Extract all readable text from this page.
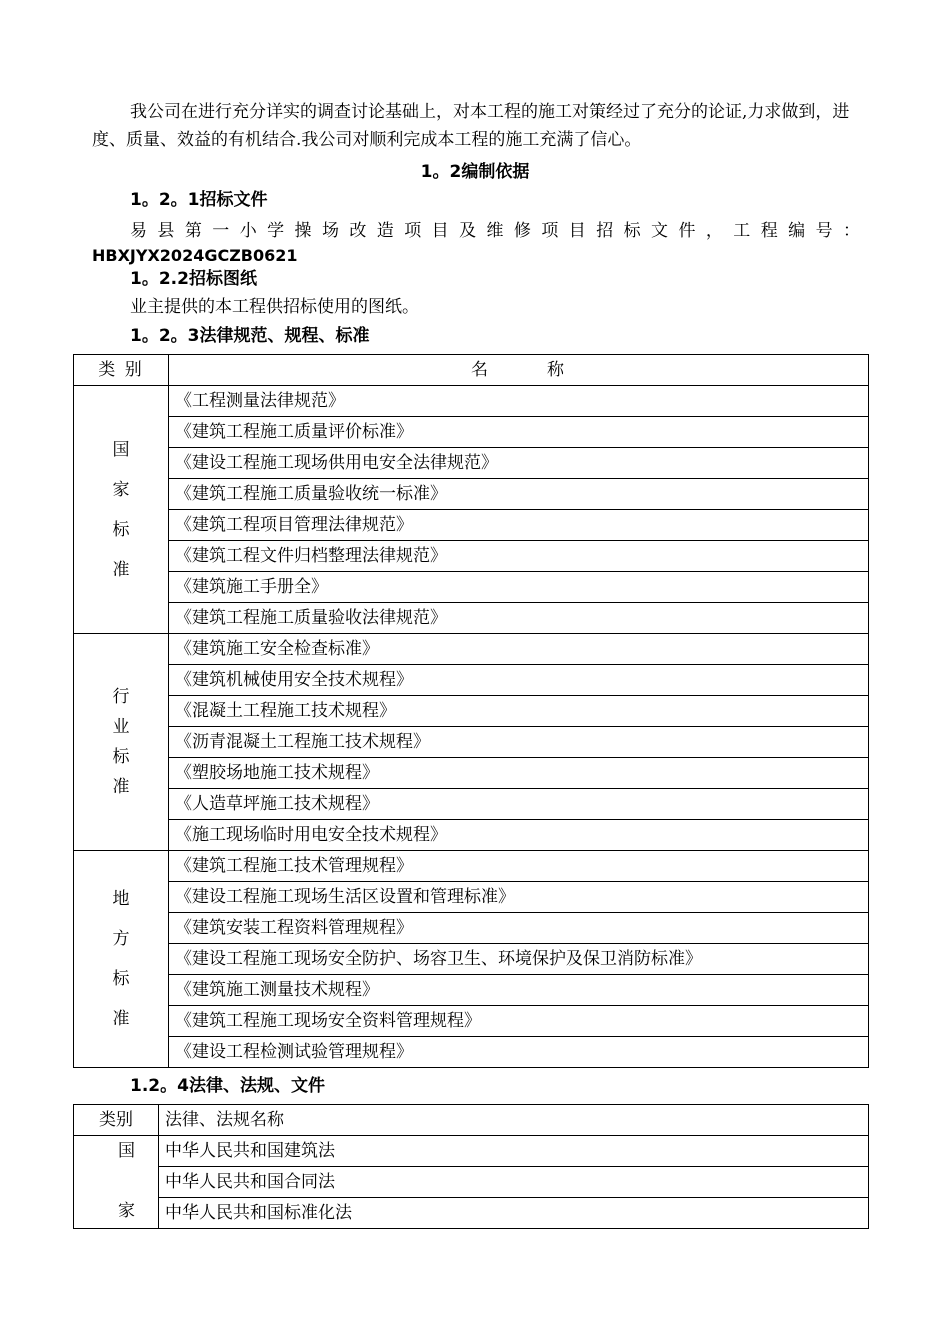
我公司在进行充分详实的调查讨论基础上，对本工程的施工对策经过了充分的论证,力求做到，进度、质量、效益的有机结合.我公司对顺利完成本工程的施工充满了信心。

1。2编制依据
1。2。1招标文件
易县第一小学操场改造项目及维修项目招标文件，工程编号：
HBXJYX2024GCZB0621
1。2.2招标图纸
业主提供的本工程供招标使用的图纸。
1。2。3法律规范、规程、标准
类 别	名　　　称

国
家
标
准	《工程测量法律规范》
	《建筑工程施工质量评价标准》
	《建设工程施工现场供用电安全法律规范》
	《建筑工程施工质量验收统一标准》
	《建筑工程项目管理法律规范》
	《建筑工程文件归档整理法律规范》
	《建筑施工手册全》
	《建筑工程施工质量验收法律规范》

行
业
标
准	《建筑施工安全检查标准》
	《建筑机械使用安全技术规程》
	《混凝土工程施工技术规程》
	《沥青混凝土工程施工技术规程》
	《塑胶场地施工技术规程》
	《人造草坪施工技术规程》
	《施工现场临时用电安全技术规程》

地
方
标
准	《建筑工程施工技术管理规程》
	《建设工程施工现场生活区设置和管理标准》
	《建筑安装工程资料管理规程》
	《建设工程施工现场安全防护、场容卫生、环境保护及保卫消防标准》
	《建筑施工测量技术规程》
	《建筑工程施工现场安全资料管理规程》
	《建设工程检测试验管理规程》
1.2。4法律、法规、文件
类别	法律、法规名称

国
家	中华人民共和国建筑法
	中华人民共和国合同法
	中华人民共和国标准化法
